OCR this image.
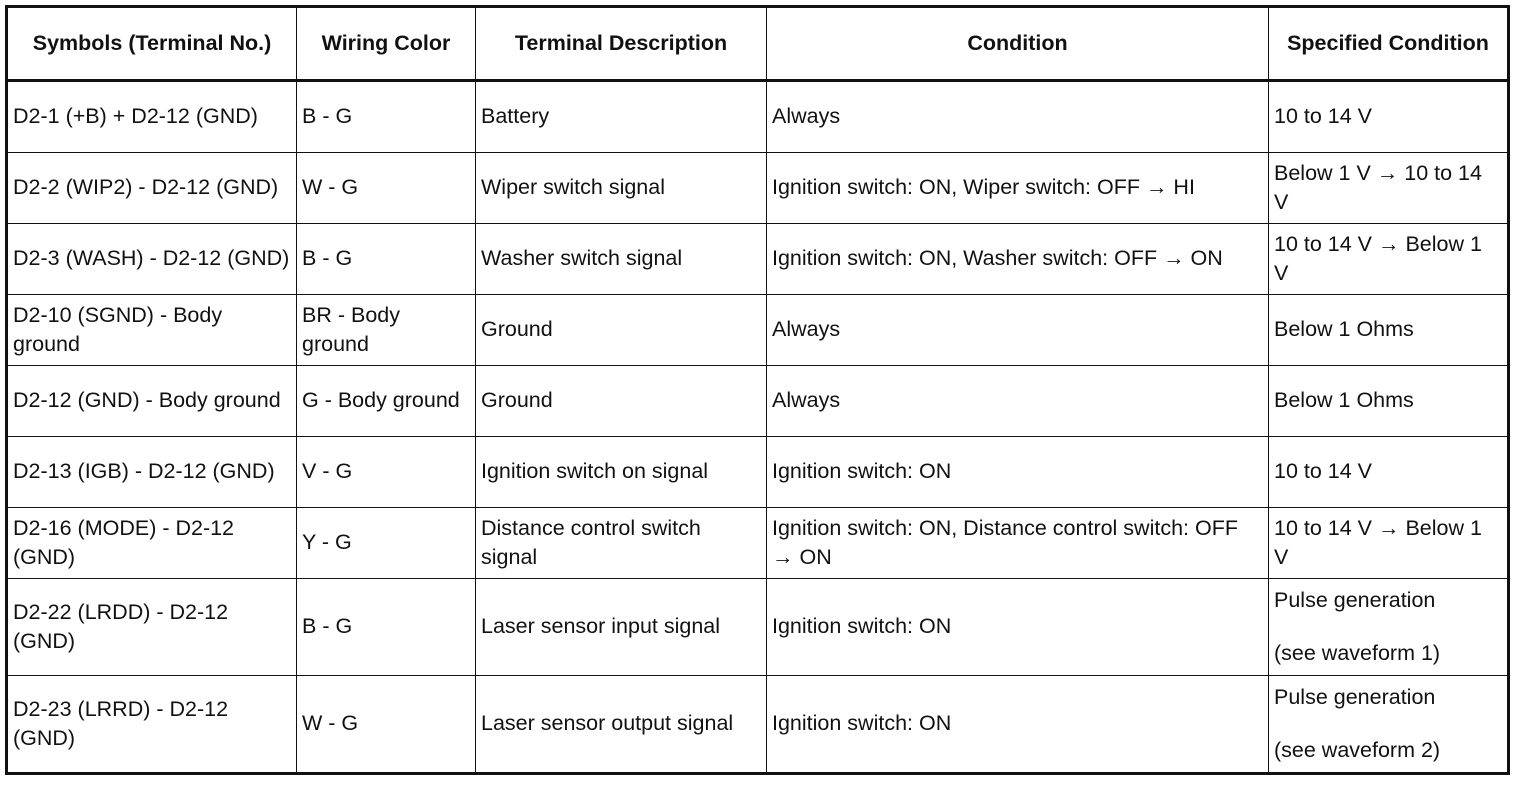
Symbols (Terminal No.)	Wiring Color	Terminal Description	Condition	Specified Condition
D2-1 (+B) + D2-12 (GND)	B - G	Battery	Always	10 to 14 V
D2-2 (WIP2) - D2-12 (GND)	W - G	Wiper switch signal	Ignition switch: ON, Wiper switch: OFF → HI	Below 1 V → 10 to 14 V
D2-3 (WASH) - D2-12 (GND)	B - G	Washer switch signal	Ignition switch: ON, Washer switch: OFF → ON	10 to 14 V → Below 1 V
D2-10 (SGND) - Body ground	BR - Body ground	Ground	Always	Below 1 Ohms
D2-12 (GND) - Body ground	G - Body ground	Ground	Always	Below 1 Ohms
D2-13 (IGB) - D2-12 (GND)	V - G	Ignition switch on signal	Ignition switch: ON	10 to 14 V
D2-16 (MODE) - D2-12 (GND)	Y - G	Distance control switch signal	Ignition switch: ON, Distance control switch: OFF → ON	10 to 14 V → Below 1 V
D2-22 (LRDD) - D2-12 (GND)	B - G	Laser sensor input signal	Ignition switch: ON	Pulse generation
(see waveform 1)

D2-23 (LRRD) - D2-12 (GND)	W - G	Laser sensor output signal	Ignition switch: ON	Pulse generation
(see waveform 2)
